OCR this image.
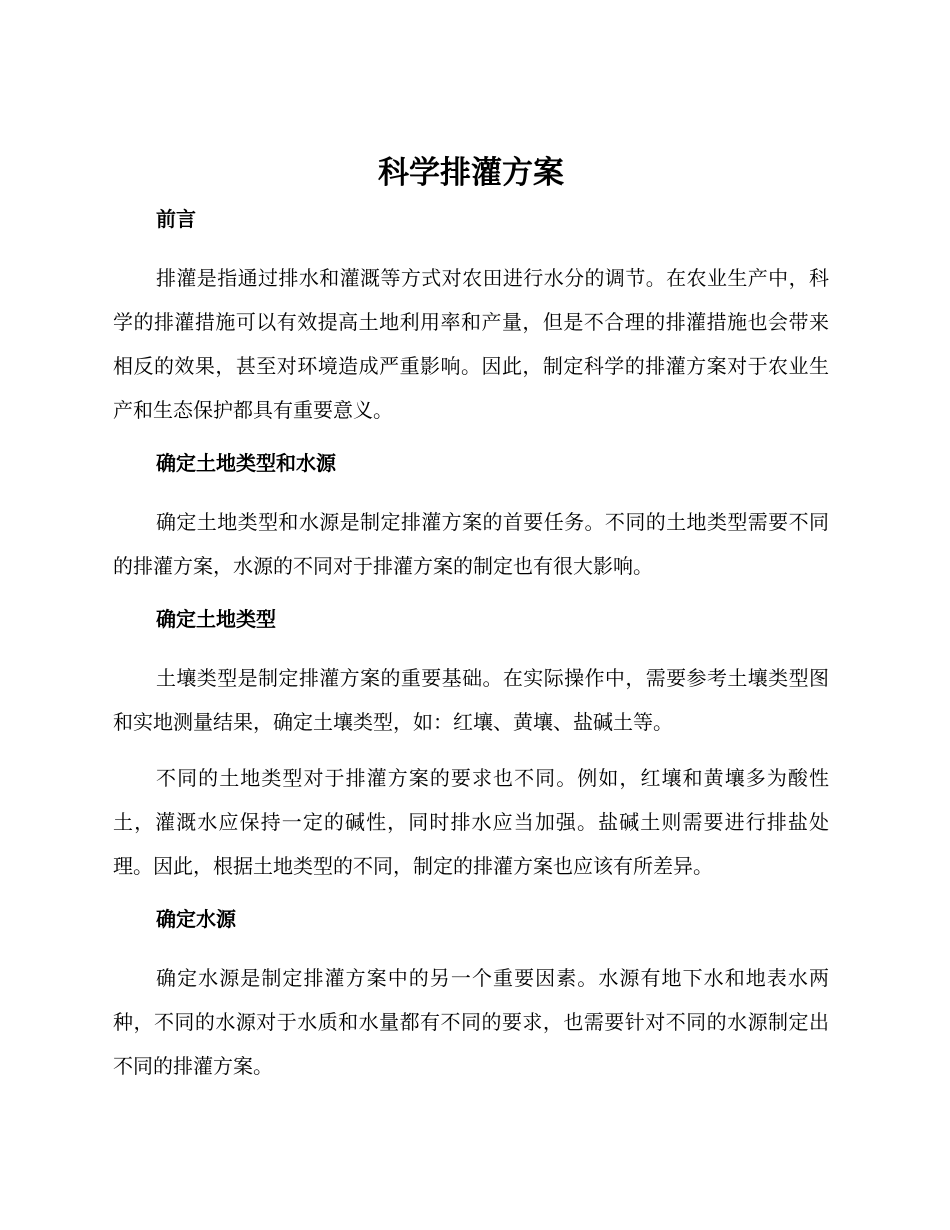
科学排灌方案
前言

排灌是指通过排水和灌溉等方式对农田进行水分的调节。在农业生产中，科学的排灌措施可以有效提高土地利用率和产量，但是不合理的排灌措施也会带来相反的效果，甚至对环境造成严重影响。因此，制定科学的排灌方案对于农业生产和生态保护都具有重要意义。

确定土地类型和水源

确定土地类型和水源是制定排灌方案的首要任务。不同的土地类型需要不同的排灌方案，水源的不同对于排灌方案的制定也有很大影响。

确定土地类型

土壤类型是制定排灌方案的重要基础。在实际操作中，需要参考土壤类型图和实地测量结果，确定土壤类型，如：红壤、黄壤、盐碱土等。

不同的土地类型对于排灌方案的要求也不同。例如，红壤和黄壤多为酸性土，灌溉水应保持一定的碱性，同时排水应当加强。盐碱土则需要进行排盐处理。因此，根据土地类型的不同，制定的排灌方案也应该有所差异。

确定水源

确定水源是制定排灌方案中的另一个重要因素。水源有地下水和地表水两种，不同的水源对于水质和水量都有不同的要求，也需要针对不同的水源制定出不同的排灌方案。
